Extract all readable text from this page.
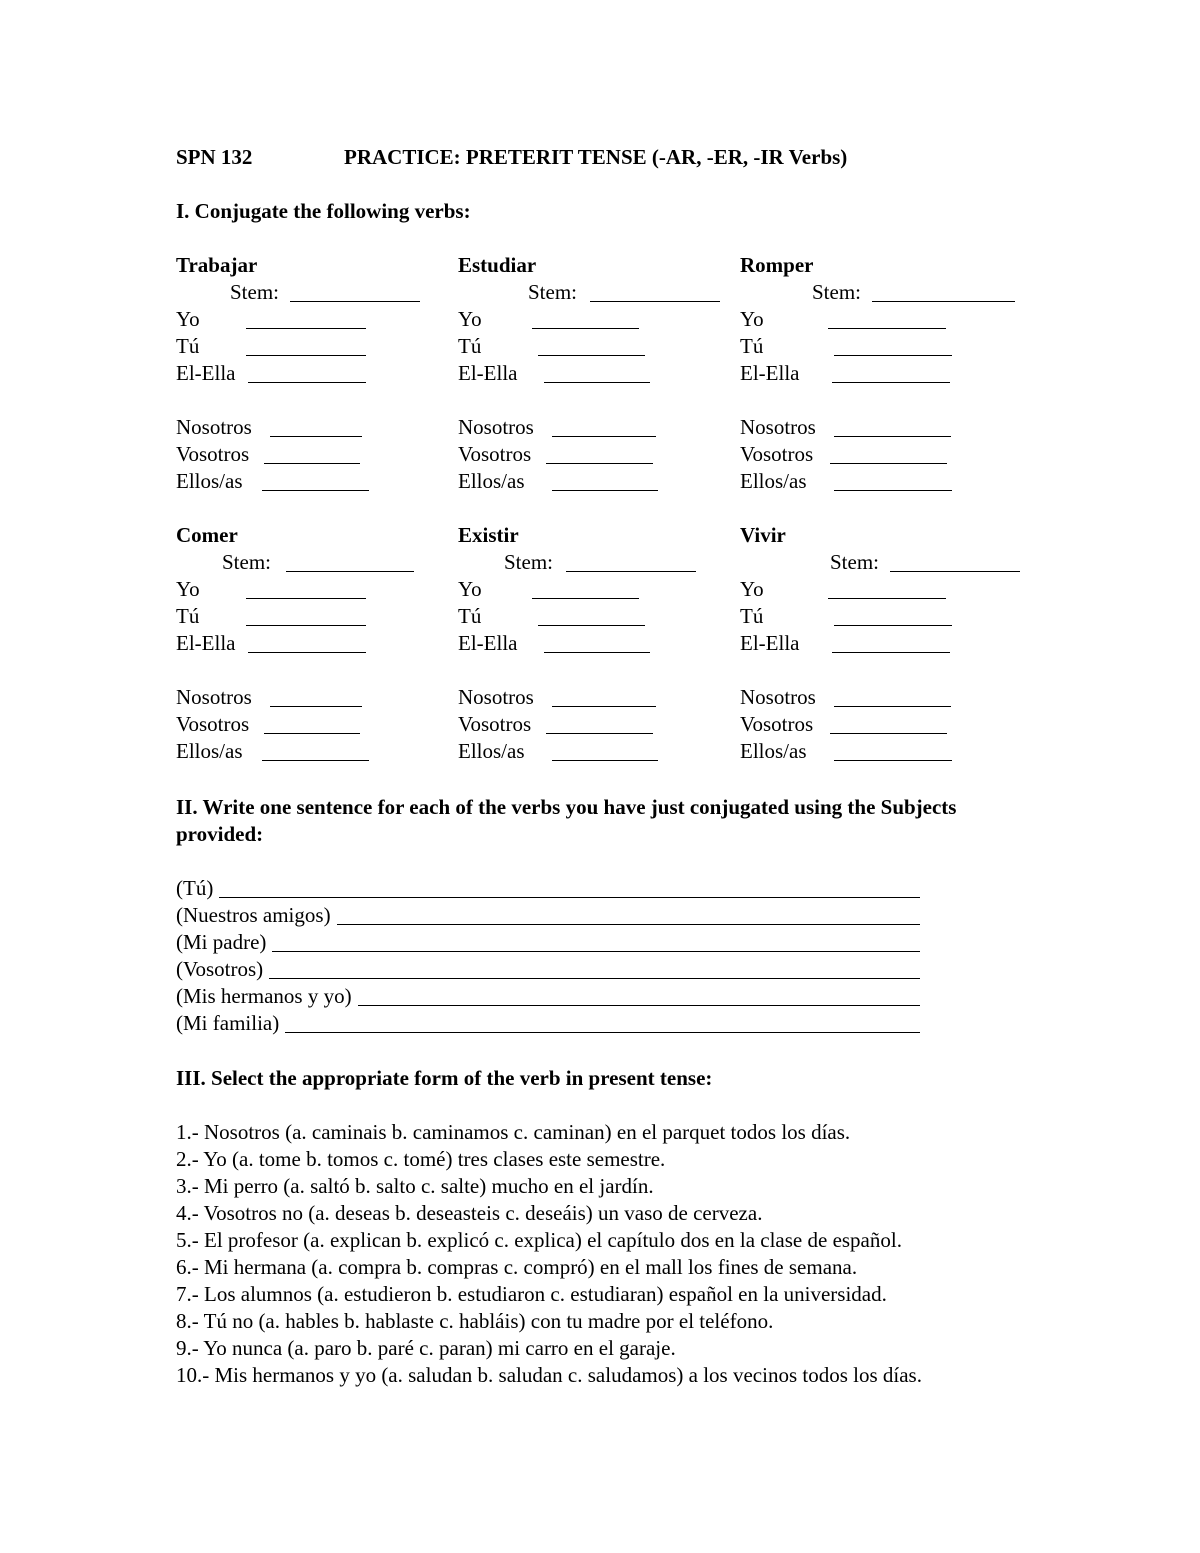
SPN 132	PRACTICE: PRETERIT TENSE (-AR, -ER, -IR Verbs)
I. Conjugate the following verbs:
Trabajar
Stem:
Yo
Tú
El-Ella
Nosotros
Vosotros
Ellos/as
Estudiar
Stem:
Yo
Tú
El-Ella
Nosotros
Vosotros
Ellos/as
Romper
Stem:
Yo
Tú
El-Ella
Nosotros
Vosotros
Ellos/as
Comer
Stem:
Yo
Tú
El-Ella
Nosotros
Vosotros
Ellos/as
Existir
Stem:
Yo
Tú
El-Ella
Nosotros
Vosotros
Ellos/as
Vivir
Stem:
Yo
Tú
El-Ella
Nosotros
Vosotros
Ellos/as
II. Write one sentence for each of the verbs you have just conjugated using the Subjects
provided:
(Tú)
(Nuestros amigos)
(Mi padre)
(Vosotros)
(Mis hermanos y yo)
(Mi familia)
III. Select the appropriate form of the verb in present tense:
1.- Nosotros (a. caminais b. caminamos c. caminan) en el parquet todos los días.
2.- Yo (a. tome b. tomos c. tomé) tres clases este semestre.
3.- Mi perro (a. saltó b. salto c. salte) mucho en el jardín.
4.- Vosotros no (a. deseas b. deseasteis c. deseáis) un vaso de cerveza.
5.- El profesor (a. explican b. explicó c. explica) el capítulo dos en la clase de español.
6.- Mi hermana (a. compra b. compras c. compró) en el mall los fines de semana.
7.- Los alumnos (a. estudieron b. estudiaron c. estudiaran) español en la universidad.
8.- Tú no (a. hables b. hablaste c. habláis) con tu madre por el teléfono.
9.- Yo nunca (a. paro b. paré c. paran) mi carro en el garaje.
10.- Mis hermanos y yo (a. saludan b. saludan c. saludamos) a los vecinos todos los días.
